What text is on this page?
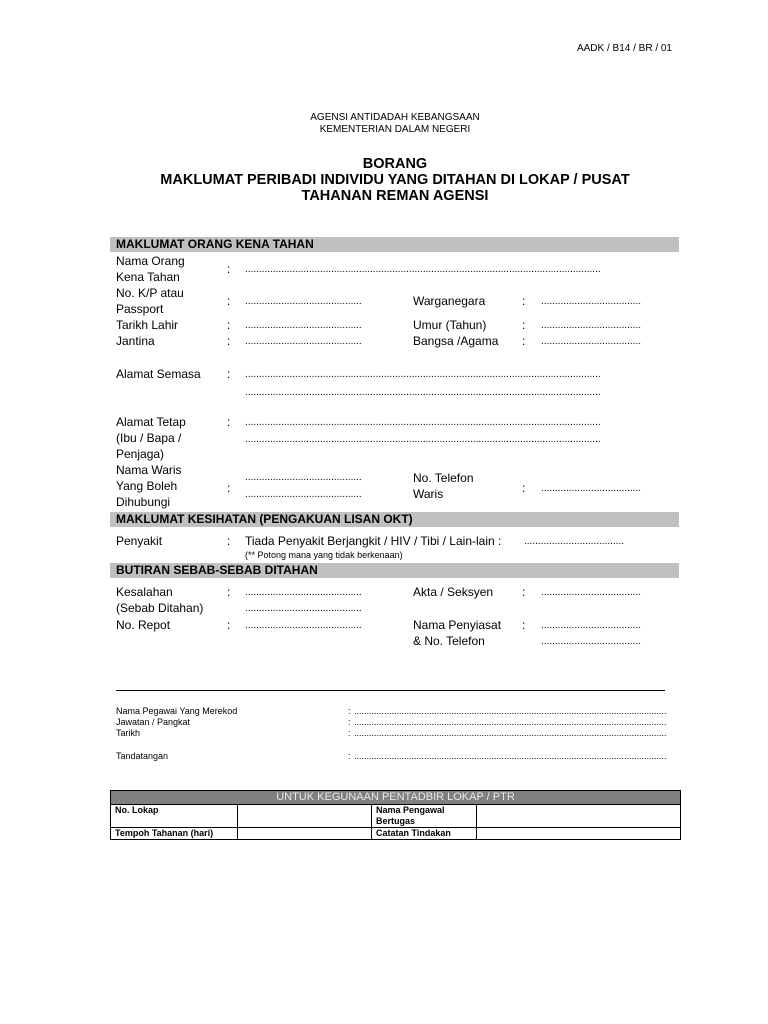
AADK / B14 / BR / 01
AGENSI ANTIDADAH KEBANGSAAN
KEMENTERIAN DALAM NEGERI
BORANG
MAKLUMAT PERIBADI INDIVIDU YANG DITAHAN DI LOKAP / PUSAT
TAHANAN REMAN AGENSI
MAKLUMAT ORANG KENA TAHAN
Nama Orang
Kena Tahan
: ................................................................................................................................
No. K/P atau
Passport
: ..........................................	Warganegara	: ....................................
Tarikh Lahir	: ..........................................	Umur (Tahun)	: ....................................
Jantina	: ..........................................	Bangsa /Agama : ....................................
Alamat Semasa : ................................................................................................................................
................................................................................................................................
Alamat Tetap
(Ibu / Bapa /
Penjaga)
: ................................................................................................................................
................................................................................................................................
Nama Waris
Yang Boleh
Dihubungi
:
..........................................
..........................................
No. Telefon
Waris	: ....................................
MAKLUMAT KESIHATAN (PENGAKUAN LISAN OKT)
Penyakit	: Tiada Penyakit Berjangkit / HIV / Tibi / Lain-lain : ....................................
(** Potong mana yang tidak berkenaan)
BUTIRAN SEBAB-SEBAB DITAHAN
Kesalahan
(Sebab Ditahan)
: ..........................................
..........................................
Akta / Seksyen : ....................................
No. Repot	: ..........................................	Nama Penyiasat
& No. Telefon
: ....................................
....................................
Nama Pegawai Yang Merekod	: .............................................................................................................................
Jawatan / Pangkat	: .............................................................................................................................
Tarikh	: .............................................................................................................................
Tandatangan	: .............................................................................................................................
UNTUK KEGUNAAN PENTADBIR LOKAP / PTR			
No. Lokap		Nama Pengawal
Bertugas	

Tempoh Tahanan (hari)		Catatan Tindakan	
